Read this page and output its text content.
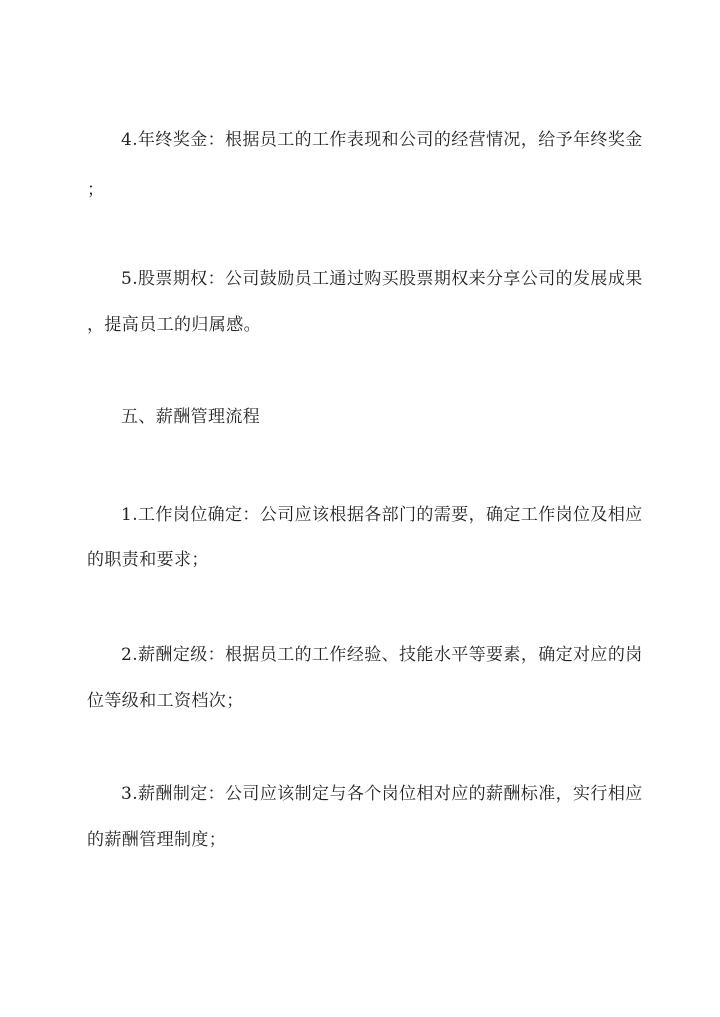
4.年终奖金：根据员工的工作表现和公司的经营情况，给予年终奖金
；
5.股票期权：公司鼓励员工通过购买股票期权来分享公司的发展成果
，提高员工的归属感。
五、薪酬管理流程
1.工作岗位确定：公司应该根据各部门的需要，确定工作岗位及相应
的职责和要求；
2.薪酬定级：根据员工的工作经验、技能水平等要素，确定对应的岗
位等级和工资档次；
3.薪酬制定：公司应该制定与各个岗位相对应的薪酬标准，实行相应
的薪酬管理制度；
